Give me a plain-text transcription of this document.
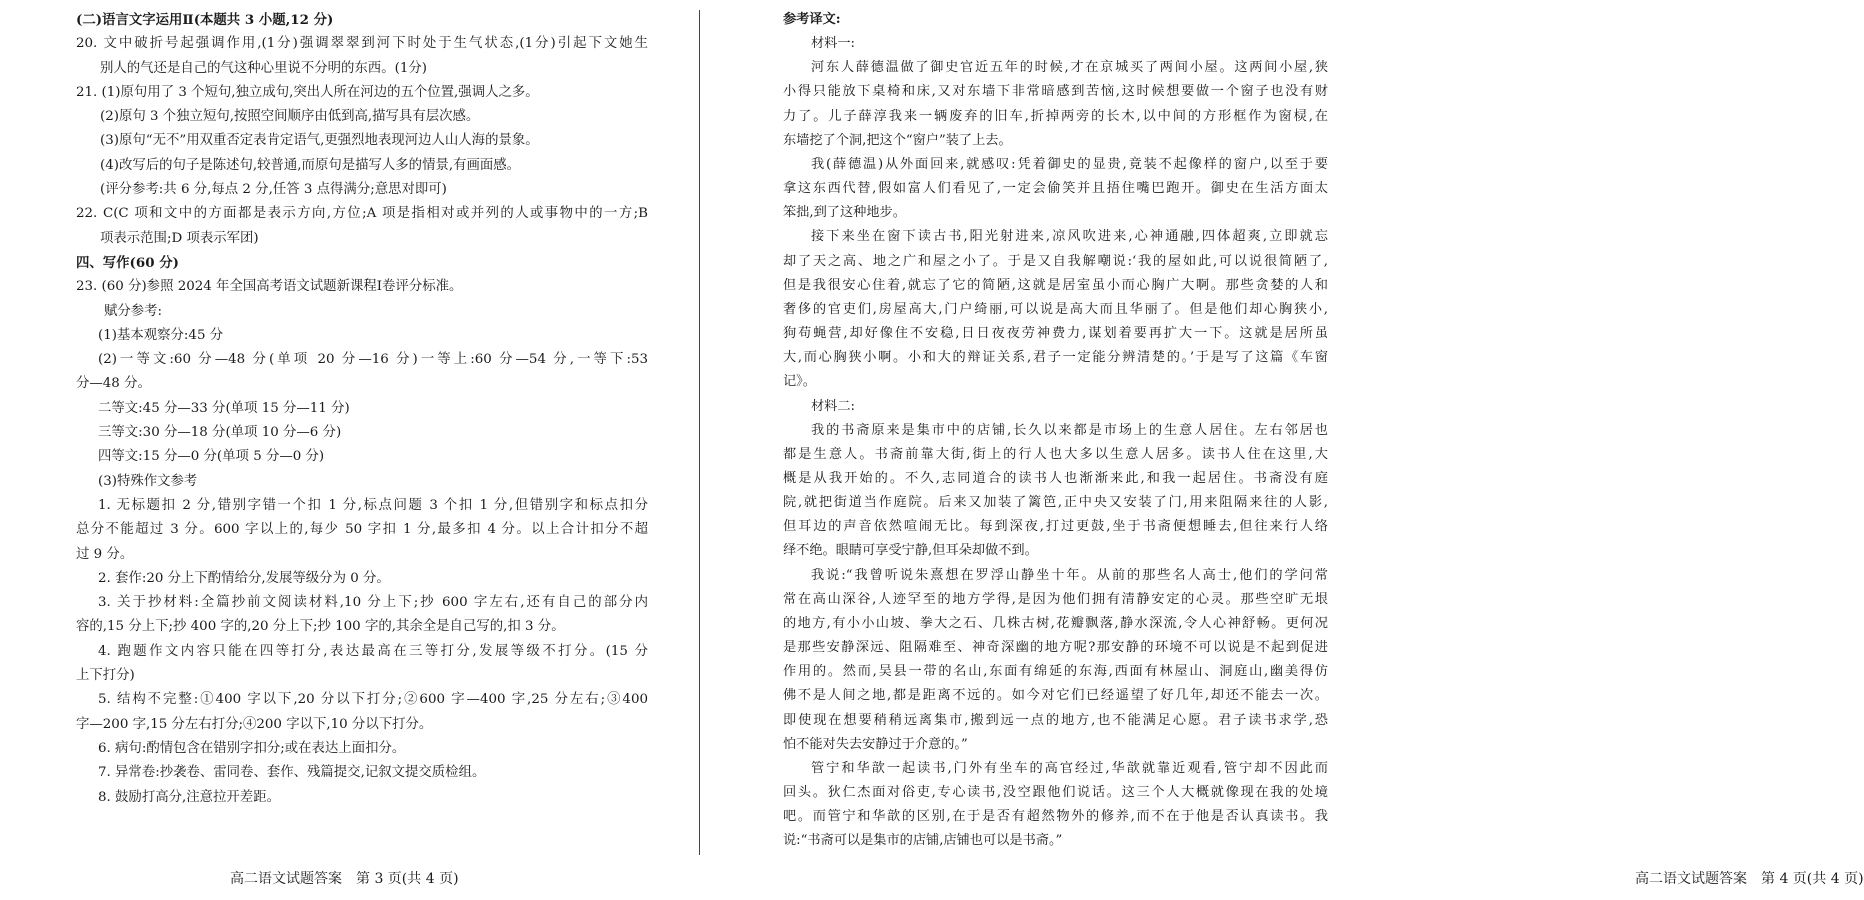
(二)语言文字运用Ⅱ(本题共 3 小题,12 分)
20. 文中破折号起强调作用,(1分)强调翠翠到河下时处于生气状态,(1分)引起下文她生
别人的气还是自己的气这种心里说不分明的东西。(1分)
21. (1)原句用了 3 个短句,独立成句,突出人所在河边的五个位置,强调人之多。
(2)原句 3 个独立短句,按照空间顺序由低到高,描写具有层次感。
(3)原句“无不”用双重否定表肯定语气,更强烈地表现河边人山人海的景象。
(4)改写后的句子是陈述句,较普通,而原句是描写人多的情景,有画面感。
(评分参考:共 6 分,每点 2 分,任答 3 点得满分;意思对即可)
22. C(C 项和文中的方面都是表示方向,方位;A 项是指相对或并列的人或事物中的一方;B
项表示范围;D 项表示军团)
四、写作(60 分)
23. (60 分)参照 2024 年全国高考语文试题新课程Ⅰ卷评分标准。
赋分参考:
(1)基本观察分:45 分
(2)一等文:60 分—48 分(单项 20 分—16 分)一等上:60 分—54 分,一等下:53
分—48 分。
二等文:45 分—33 分(单项 15 分—11 分)
三等文:30 分—18 分(单项 10 分—6 分)
四等文:15 分—0 分(单项 5 分—0 分)
(3)特殊作文参考
1. 无标题扣 2 分,错别字错一个扣 1 分,标点问题 3 个扣 1 分,但错别字和标点扣分
总分不能超过 3 分。600 字以上的,每少 50 字扣 1 分,最多扣 4 分。以上合计扣分不超
过 9 分。
2. 套作:20 分上下酌情给分,发展等级分为 0 分。
3. 关于抄材料:全篇抄前文阅读材料,10 分上下;抄 600 字左右,还有自己的部分内
容的,15 分上下;抄 400 字的,20 分上下;抄 100 字的,其余全是自己写的,扣 3 分。
4. 跑题作文内容只能在四等打分,表达最高在三等打分,发展等级不打分。(15 分
上下打分)
5. 结构不完整:①400 字以下,20 分以下打分;②600 字—400 字,25 分左右;③400
字—200 字,15 分左右打分;④200 字以下,10 分以下打分。
6. 病句:酌情包含在错别字扣分;或在表达上面扣分。
7. 异常卷:抄袭卷、雷同卷、套作、残篇提交,记叙文提交质检组。
8. 鼓励打高分,注意拉开差距。
高二语文试题答案　第 3 页(共 4 页)
参考译文:
材料一:
河东人薛德温做了御史官近五年的时候,才在京城买了两间小屋。这两间小屋,狭
小得只能放下桌椅和床,又对东墙下非常暗感到苦恼,这时候想要做一个窗子也没有财
力了。儿子薛淳我来一辆废弃的旧车,折掉两旁的长木,以中间的方形框作为窗棂,在
东墙挖了个洞,把这个“窗户”装了上去。
我(薛德温)从外面回来,就感叹:凭着御史的显贵,竟装不起像样的窗户,以至于要
拿这东西代替,假如富人们看见了,一定会偷笑并且捂住嘴巴跑开。御史在生活方面太
笨拙,到了这种地步。
接下来坐在窗下读古书,阳光射进来,凉风吹进来,心神通融,四体超爽,立即就忘
却了天之高、地之广和屋之小了。于是又自我解嘲说:‘我的屋如此,可以说很简陋了,
但是我很安心住着,就忘了它的简陋,这就是居室虽小而心胸广大啊。那些贪婪的人和
奢侈的官吏们,房屋高大,门户绮丽,可以说是高大而且华丽了。但是他们却心胸狭小,
狗苟蝇营,却好像住不安稳,日日夜夜劳神费力,谋划着要再扩大一下。这就是居所虽
大,而心胸狭小啊。小和大的辩证关系,君子一定能分辨清楚的。’于是写了这篇《车窗
记》。
材料二:
我的书斋原来是集市中的店铺,长久以来都是市场上的生意人居住。左右邻居也
都是生意人。书斋前靠大街,街上的行人也大多以生意人居多。读书人住在这里,大
概是从我开始的。不久,志同道合的读书人也渐渐来此,和我一起居住。书斋没有庭
院,就把街道当作庭院。后来又加装了篱笆,正中央又安装了门,用来阻隔来往的人影,
但耳边的声音依然喧闹无比。每到深夜,打过更鼓,坐于书斋便想睡去,但往来行人络
绎不绝。眼睛可享受宁静,但耳朵却做不到。
我说:“我曾听说朱熹想在罗浮山静坐十年。从前的那些名人高士,他们的学问常
常在高山深谷,人迹罕至的地方学得,是因为他们拥有清静安定的心灵。那些空旷无垠
的地方,有小小山坡、拳大之石、几株古树,花瓣飘落,静水深流,令人心神舒畅。更何况
是那些安静深远、阻隔难至、神奇深幽的地方呢?那安静的环境不可以说是不起到促进
作用的。然而,吴县一带的名山,东面有绵延的东海,西面有林屋山、洞庭山,幽美得仿
佛不是人间之地,都是距离不远的。如今对它们已经遥望了好几年,却还不能去一次。
即使现在想要稍稍远离集市,搬到远一点的地方,也不能满足心愿。君子读书求学,恐
怕不能对失去安静过于介意的。”
管宁和华歆一起读书,门外有坐车的高官经过,华歆就靠近观看,管宁却不因此而
回头。狄仁杰面对俗吏,专心读书,没空跟他们说话。这三个人大概就像现在我的处境
吧。而管宁和华歆的区别,在于是否有超然物外的修养,而不在于他是否认真读书。我
说:“书斋可以是集市的店铺,店铺也可以是书斋。”
高二语文试题答案　第 4 页(共 4 页)
